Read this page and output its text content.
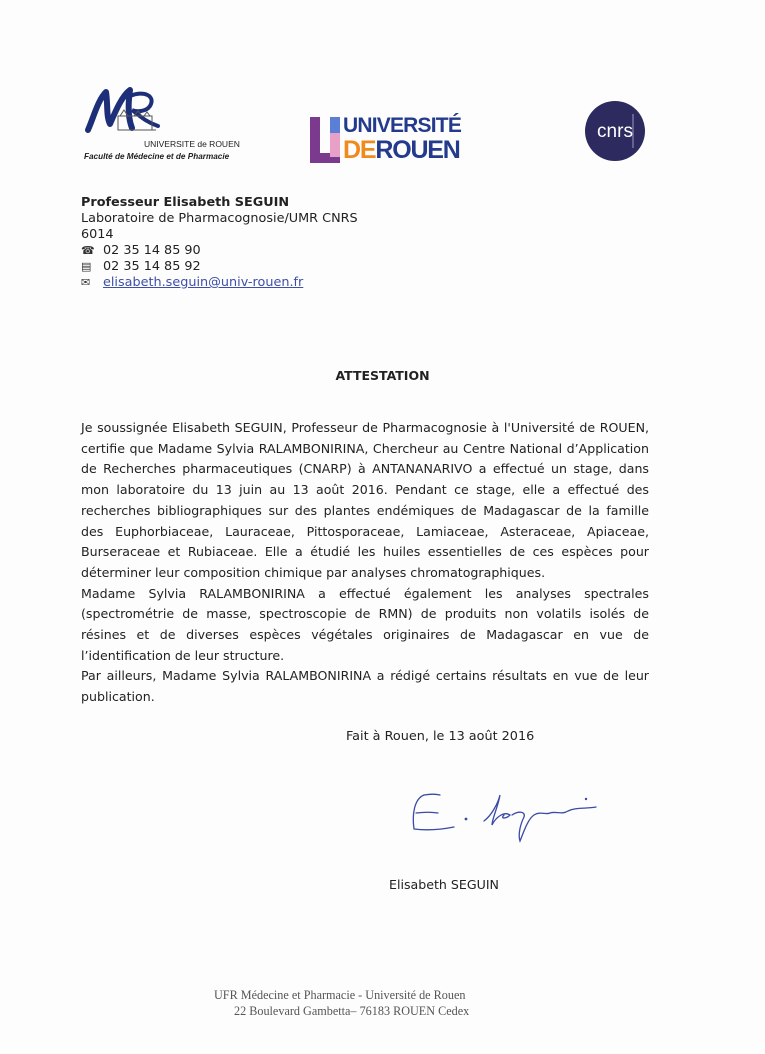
UNIVERSITE de ROUEN
Faculté de Médecine et de Pharmacie
UNIVERSITÉ
DEROUEN
cnrs
Professeur Elisabeth SEGUIN
Laboratoire de Pharmacognosie/UMR CNRS
6014
☎ 02 35 14 85 90
▤ 02 35 14 85 92
✉ elisabeth.seguin@univ-rouen.fr
ATTESTATION

Je soussignée Elisabeth SEGUIN, Professeur de Pharmacognosie à l'Université de ROUEN, certifie que Madame Sylvia RALAMBONIRINA, Chercheur au Centre National d’Application de Recherches pharmaceutiques (CNARP) à ANTANANARIVO a effectué un stage, dans mon laboratoire du 13 juin au 13 août 2016. Pendant ce stage, elle a effectué des recherches bibliographiques sur des plantes endémiques de Madagascar de la famille des Euphorbiaceae, Lauraceae, Pittosporaceae, Lamiaceae, Asteraceae, Apiaceae, Burseraceae et Rubiaceae. Elle a étudié les huiles essentielles de ces espèces pour déterminer leur composition chimique par analyses chromatographiques.

Madame Sylvia RALAMBONIRINA a effectué également les analyses spectrales (spectrométrie de masse, spectroscopie de RMN) de produits non volatils isolés de résines et de diverses espèces végétales originaires de Madagascar en vue de l’identification de leur structure.

Par ailleurs, Madame Sylvia RALAMBONIRINA a rédigé certains résultats en vue de leur publication.

Fait à Rouen, le 13 août 2016
Elisabeth SEGUIN
UFR Médecine et Pharmacie - Université de Rouen
22 Boulevard Gambetta– 76183 ROUEN Cedex
